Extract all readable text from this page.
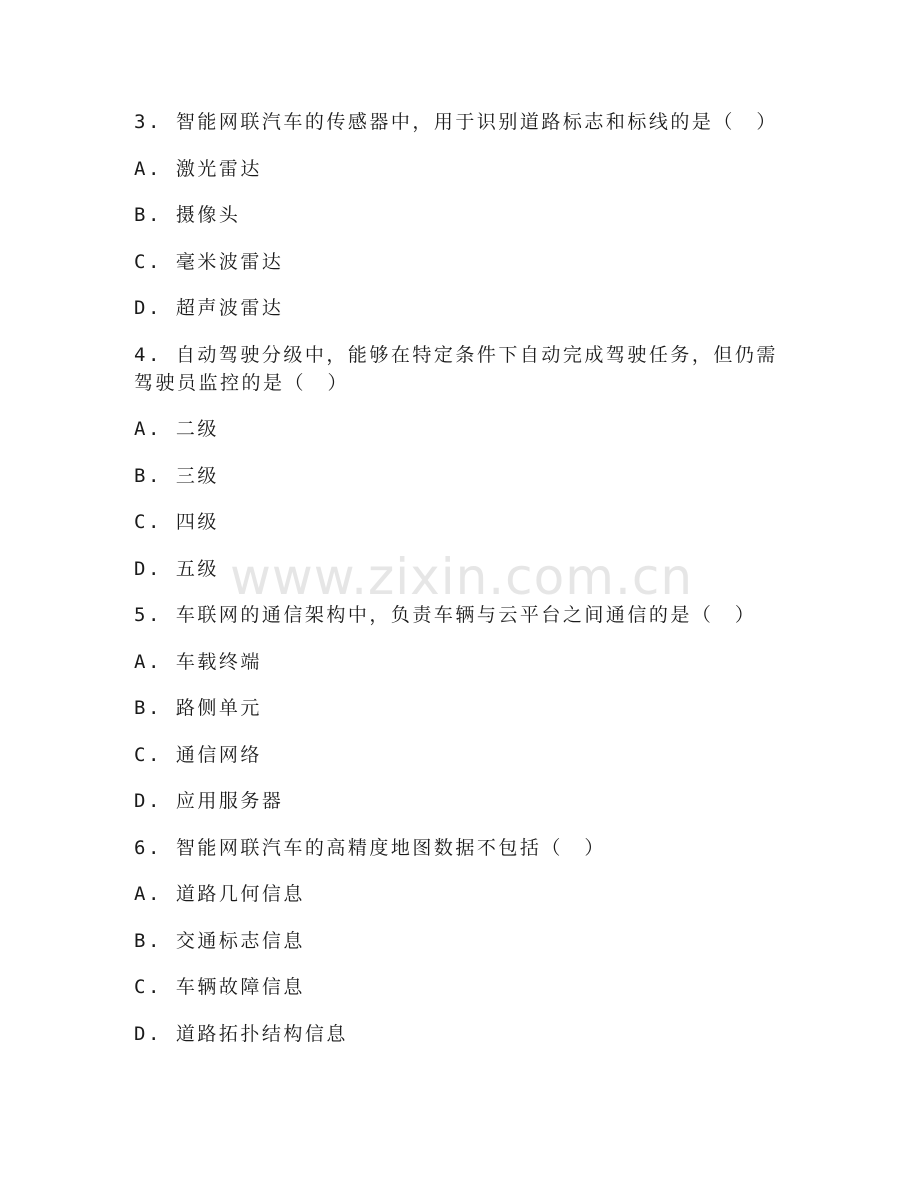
3. 智能网联汽车的传感器中，用于识别道路标志和标线的是（　）

A. 激光雷达

B. 摄像头

C. 毫米波雷达

D. 超声波雷达

4. 自动驾驶分级中，能够在特定条件下自动完成驾驶任务，但仍需驾驶员监控的是（　）

A. 二级

B. 三级

C. 四级

D. 五级

5. 车联网的通信架构中，负责车辆与云平台之间通信的是（　）

A. 车载终端

B. 路侧单元

C. 通信网络

D. 应用服务器

6. 智能网联汽车的高精度地图数据不包括（　）

A. 道路几何信息

B. 交通标志信息

C. 车辆故障信息

D. 道路拓扑结构信息

www.zixin.com.cn
